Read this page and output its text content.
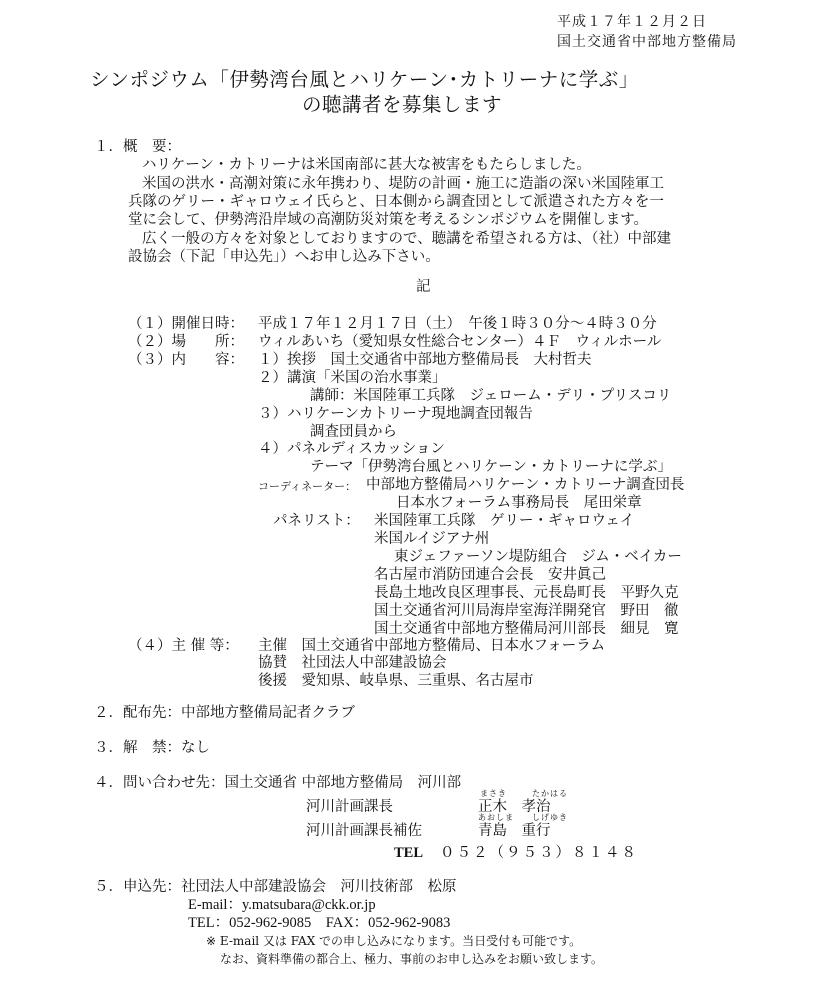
平成１７年１２月２日
国土交通省中部地方整備局
シンポジウム「伊勢湾台風とハリケーン･カトリーナに学ぶ」
の聴講者を募集します
１．概　要：
ハリケーン・カトリーナは米国南部に甚大な被害をもたらしました。
米国の洪水・高潮対策に永年携わり、堤防の計画・施工に造詣の深い米国陸軍工
兵隊のゲリー・ギャロウェイ氏らと、日本側から調査団として派遣された方々を一
堂に会して、伊勢湾沿岸域の高潮防災対策を考えるシンポジウムを開催します。
広く一般の方々を対象としておりますので、聴講を希望される方は、（社）中部建
設協会（下記「申込先」）へお申し込み下さい。
記
（１）開催日時： 平成１７年１２月１７日（土）　午後１時３０分～４時３０分
（２）場　　所： ウィルあいち（愛知県女性総合センター）４Ｆ　ウィルホール
（３）内　　容： １）挨拶　国土交通省中部地方整備局長　大村哲夫
２）講演「米国の治水事業」
講師：米国陸軍工兵隊　ジェローム・デリ・プリスコリ
３）ハリケーンカトリーナ現地調査団報告
調査団員から
４）パネルディスカッション
テーマ「伊勢湾台風とハリケーン・カトリーナに学ぶ」
コーディネーター： 中部地方整備局ハリケーン・カトリーナ調査団長
日本水フォーラム事務局長　尾田栄章
パネリスト： 米国陸軍工兵隊　ゲリー・ギャロウェイ
米国ルイジアナ州
東ジェファーソン堤防組合　ジム・ベイカー
名古屋市消防団連合会長　安井眞己
長島土地改良区理事長、元長島町長　平野久克
国土交通省河川局海岸室海洋開発官　野田　徹
国土交通省中部地方整備局河川部長　細見　寛
（４）主 催 等： 主催　国土交通省中部地方整備局、日本水フォーラム
協賛　社団法人中部建設協会
後援　愛知県、岐阜県、三重県、名古屋市
２．配布先：中部地方整備局記者クラブ
３．解　禁：なし
４．問い合わせ先：国土交通省 中部地方整備局　河川部
まさき	たかはる
河川計画課長	正木　孝治
あおしま しげゆき
河川計画課長補佐	青島　重行
TEL ０５２（９５３）８１４８
５．申込先：社団法人中部建設協会　河川技術部　松原
E-mail：y.matsubara@ckk.or.jp
TEL：052-962-9085　FAX：052-962-9083
※ E-mail 又は FAX での申し込みになります。当日受付も可能です。
なお、資料準備の都合上、極力、事前のお申し込みをお願い致します。
